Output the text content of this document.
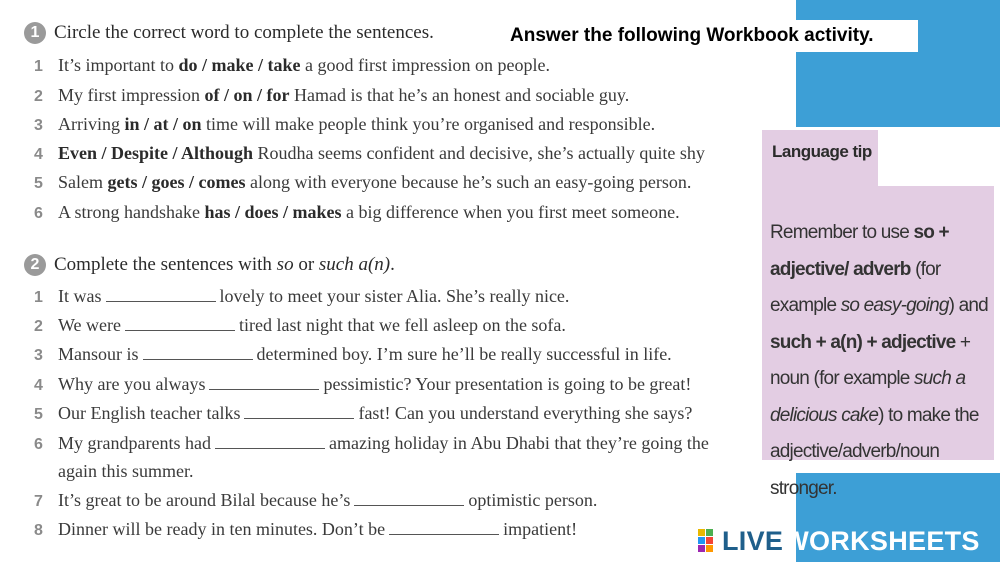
Answer the following Workbook activity.
1 Circle the correct word to complete the sentences.
1 It’s important to do / make / take a good first impression on people.
2 My first impression of / on / for Hamad is that he’s an honest and sociable guy.
3 Arriving in / at / on time will make people think you’re organised and responsible.
4 Even / Despite / Although Roudha seems confident and decisive, she’s actually quite shy
5 Salem gets / goes / comes along with everyone because he’s such an easy-going person.
6 A strong handshake has / does / makes a big difference when you first meet someone.
2 Complete the sentences with so or such a(n).
1 It was	lovely to meet your sister Alia. She’s really nice.
2 We were	tired last night that we fell asleep on the sofa.
3 Mansour is	determined boy. I’m sure he’ll be really successful in life.
4 Why are you always	pessimistic? Your presentation is going to be great!
5 Our English teacher talks	fast! Can you understand everything she says?
6 My grandparents had	amazing holiday in Abu Dhabi that they’re going the
again this summer.
7 It’s great to be around Bilal because he’s	optimistic person.
8 Dinner will be ready in ten minutes. Don’t be	impatient!
Language tip
Remember to use so + adjective/ adverb (for example so easy-going) and such + a(n) + adjective + noun (for example such a delicious cake) to make the adjective/adverb/noun stronger.
LIVEWORKSHEETS
